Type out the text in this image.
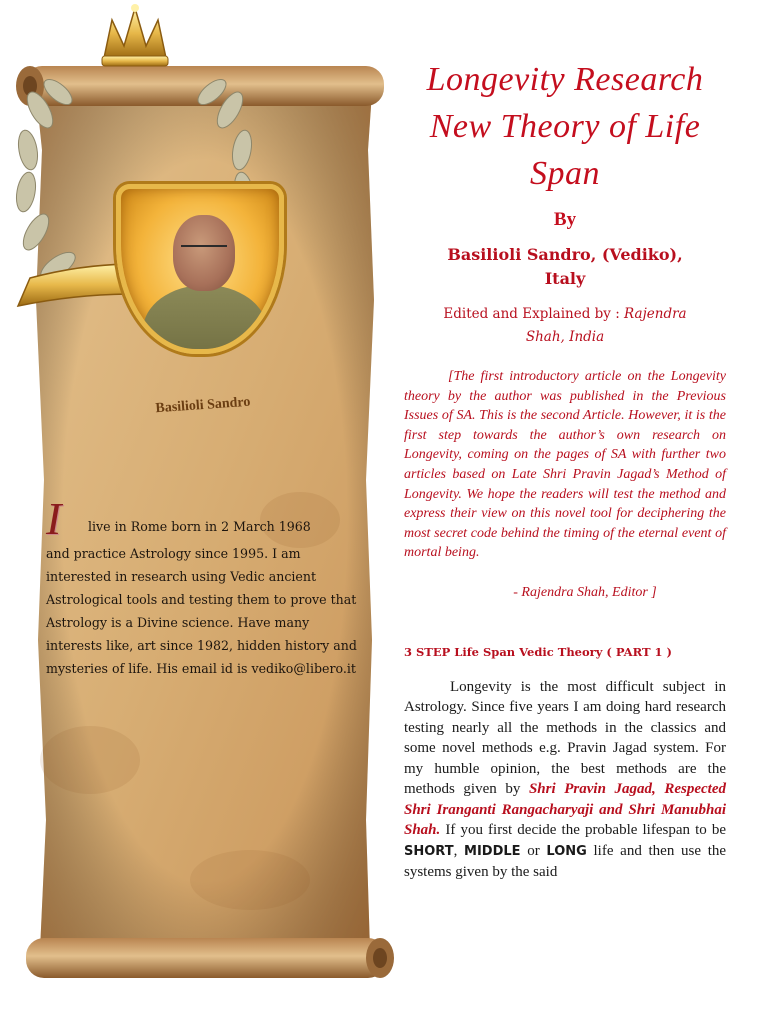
Basilioli Sandro
I	live in Rome born in 2 March 1968

and practice Astrology since 1995. I am interested in research using Vedic ancient Astrological tools and testing them to prove that Astrology is a Divine science. Have many interests like, art since 1982, hidden history and mysteries of life. His email id is vediko@libero.it

Longevity Research
New Theory of Life
Span
By
Basilioli Sandro, (Vediko),
Italy
Edited and Explained by : Rajendra
Shah, India

[The first introductory article on the Longevity theory by the author was published in the Previous Issues of SA. This is the second Article. However, it is the first step towards the author’s own research on Longevity, coming on the pages of SA with further two articles based on Late Shri Pravin Jagad’s Method of Longevity. We hope the readers will test the method and express their view on this novel tool for deciphering the most secret code behind the timing of the eternal event of mortal being.

- Rajendra Shah, Editor ]
3 STEP Life Span Vedic Theory ( PART 1 )

Longevity is the most difficult subject in Astrology. Since five years I am doing hard research testing nearly all the methods in the classics and some novel methods e.g. Pravin Jagad system. For my humble opinion, the best methods are the methods given by Shri Pravin Jagad, Respected Shri Iranganti Rangacharyaji and Shri Manubhai Shah. If you first decide the probable lifespan to be SHORT, MIDDLE or LONG life and then use the systems given by the said
